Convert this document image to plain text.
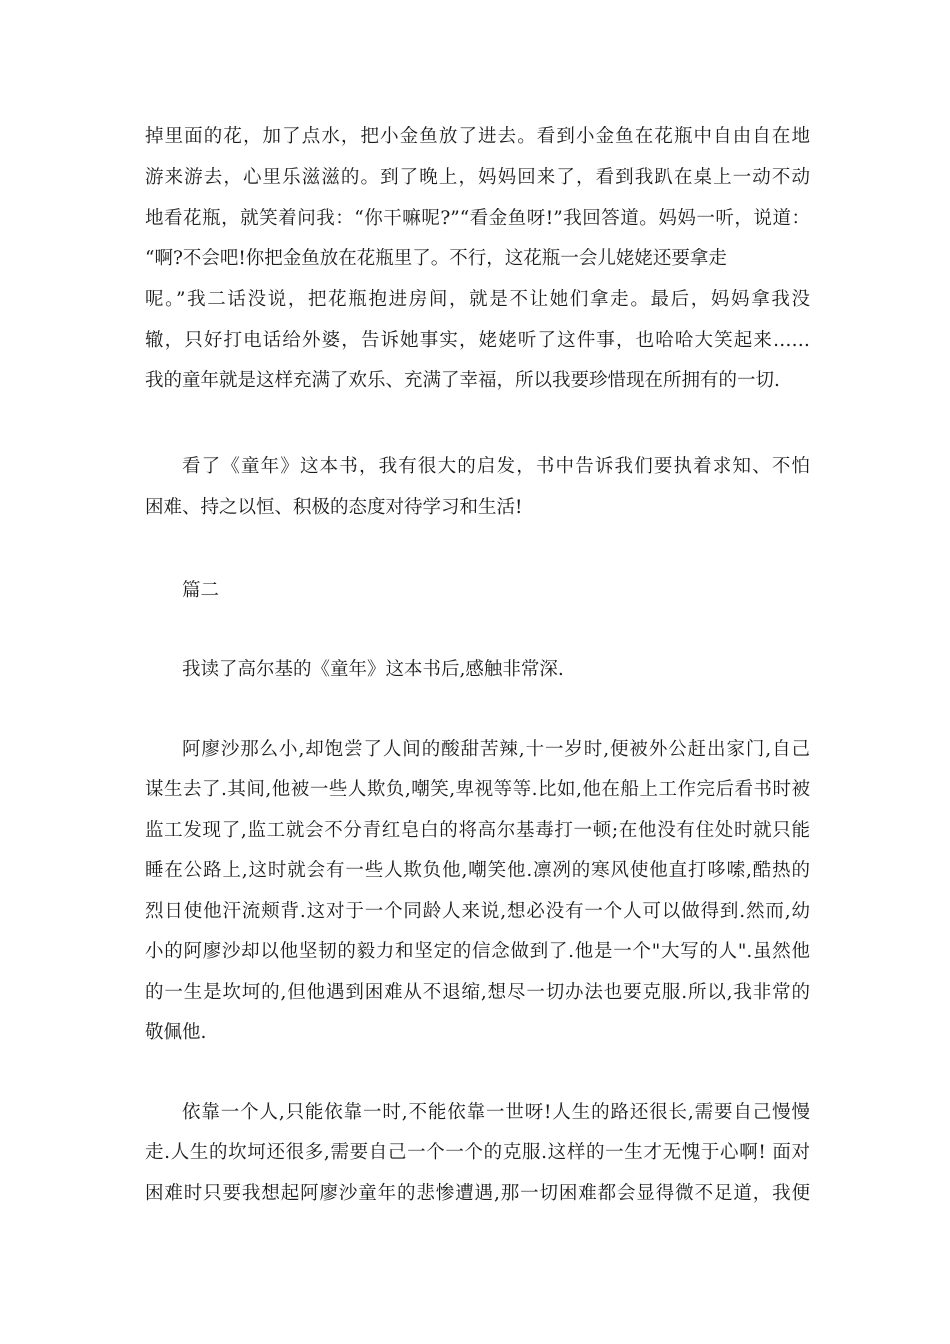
掉里面的花，加了点水，把小金鱼放了进去。看到小金鱼在花瓶中自由自在地
游来游去，心里乐滋滋的。到了晚上，妈妈回来了，看到我趴在桌上一动不动
地看花瓶，就笑着问我：“你干嘛呢?”“看金鱼呀!”我回答道。妈妈一听，说道：
“啊?不会吧!你把金鱼放在花瓶里了。不行，这花瓶一会儿姥姥还要拿走
呢。”我二话没说，把花瓶抱进房间，就是不让她们拿走。最后，妈妈拿我没
辙，只好打电话给外婆，告诉她事实，姥姥听了这件事，也哈哈大笑起来……
我的童年就是这样充满了欢乐、充满了幸福，所以我要珍惜现在所拥有的一切.
看了《童年》这本书，我有很大的启发，书中告诉我们要执着求知、不怕
困难、持之以恒、积极的态度对待学习和生活!
篇二
我读了高尔基的《童年》这本书后,感触非常深.
阿廖沙那么小,却饱尝了人间的酸甜苦辣,十一岁时,便被外公赶出家门,自己
谋生去了.其间,他被一些人欺负,嘲笑,卑视等等.比如,他在船上工作完后看书时被
监工发现了,监工就会不分青红皂白的将高尔基毒打一顿;在他没有住处时就只能
睡在公路上,这时就会有一些人欺负他,嘲笑他.凛冽的寒风使他直打哆嗦,酷热的
烈日使他汗流颊背.这对于一个同龄人来说,想必没有一个人可以做得到.然而,幼
小的阿廖沙却以他坚韧的毅力和坚定的信念做到了.他是一个"大写的人".虽然他
的一生是坎坷的,但他遇到困难从不退缩,想尽一切办法也要克服.所以,我非常的
敬佩他.
依靠一个人,只能依靠一时,不能依靠一世呀!人生的路还很长,需要自己慢慢
走.人生的坎坷还很多,需要自己一个一个的克服.这样的一生才无愧于心啊! 面对
困难时只要我想起阿廖沙童年的悲惨遭遇,那一切困难都会显得微不足道，我便
